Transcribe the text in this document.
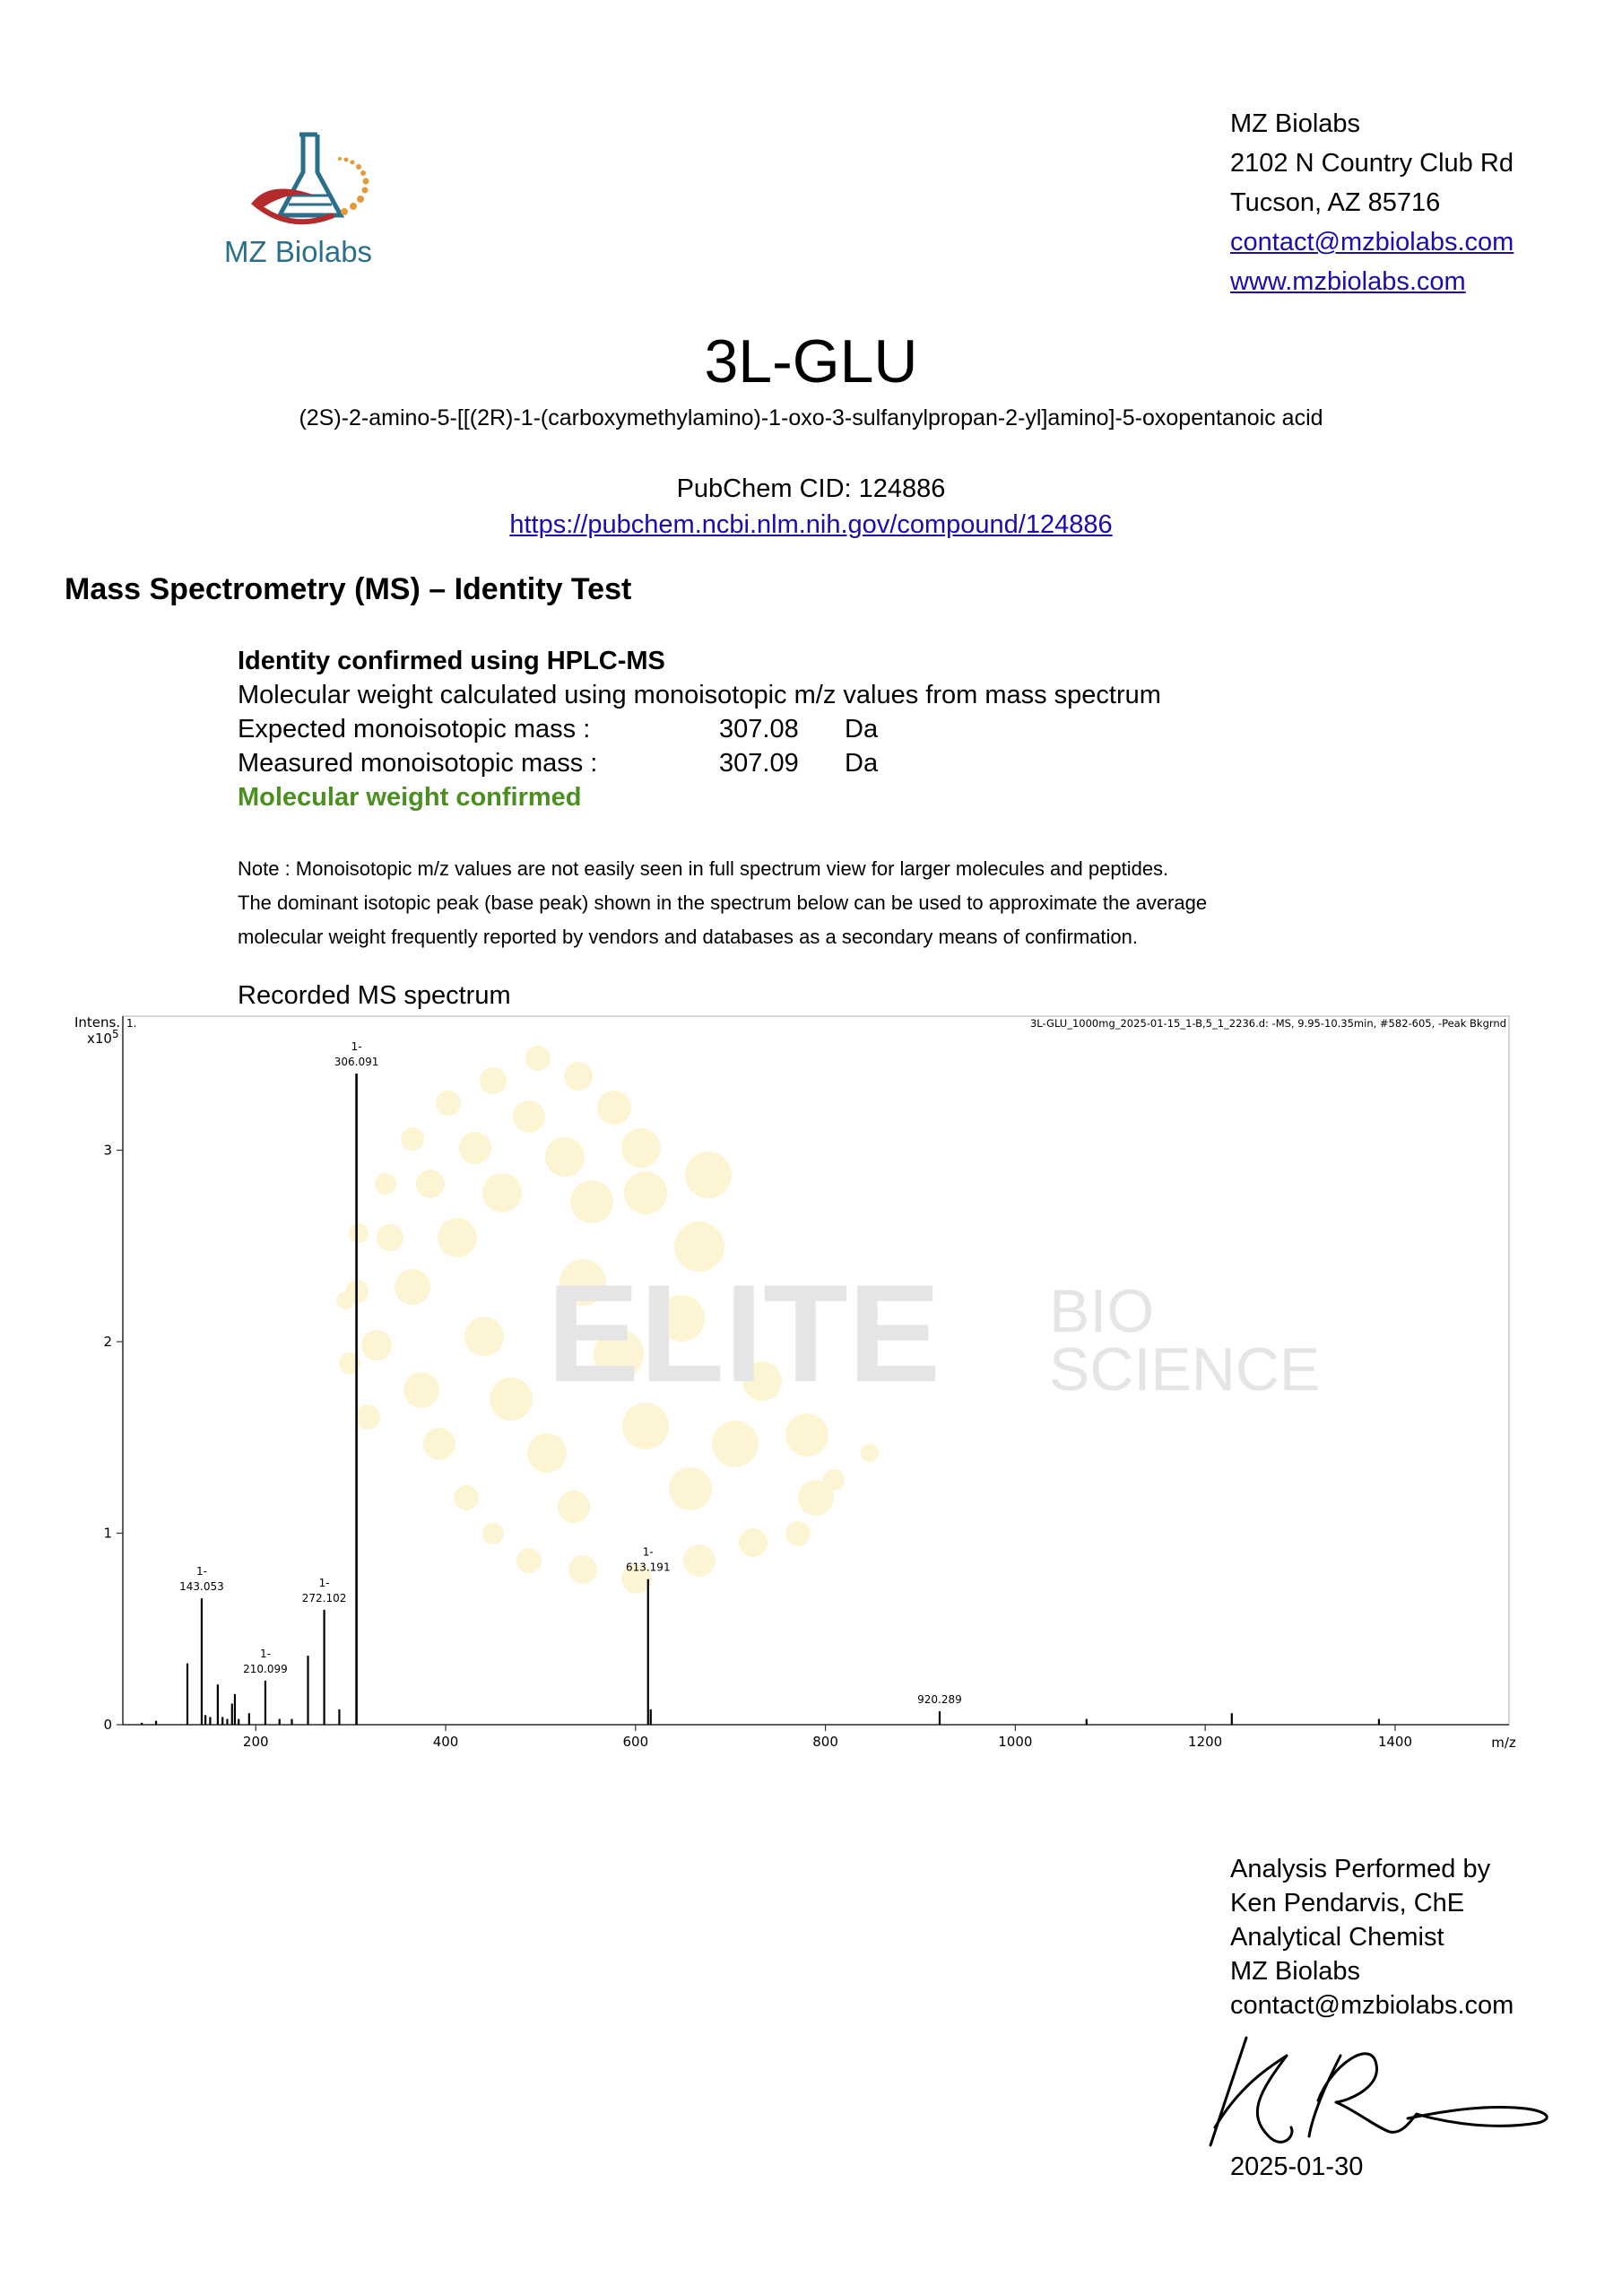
MZ Biolabs
MZ Biolabs
2102 N Country Club Rd
Tucson, AZ 85716
contact@mzbiolabs.com
www.mzbiolabs.com
3L-GLU
(2S)-2-amino-5-[[(2R)-1-(carboxymethylamino)-1-oxo-3-sulfanylpropan-2-yl]amino]-5-oxopentanoic acid
PubChem CID: 124886
https://pubchem.ncbi.nlm.nih.gov/compound/124886
Mass Spectrometry (MS) – Identity Test
Identity confirmed using HPLC-MS
Molecular weight calculated using monoisotopic m/z values from mass spectrum
Expected monoisotopic mass :	307.08	Da
Measured monoisotopic mass :	307.09	Da
Molecular weight confirmed
Note : Monoisotopic m/z values are not easily seen in full spectrum view for larger molecules and peptides.
The dominant isotopic peak (base peak) shown in the spectrum below can be used to approximate the average
molecular weight frequently reported by vendors and databases as a secondary means of confirmation.
Recorded MS spectrum
ELITE BIO
SCIENCE
Intens.
$x10^5$
1.	3L-GLU_1000mg_2025-01-15_1-B,5_1_2236.d: -MS, 9.95-10.35min, #582-605, -Peak Bkgrnd
m/z
200	400	600	800	1000	1200	1400
0
1
2
3
1-
143.053
1-
210.099
1-
272.102
1-
306.091
1-
613.191
920.289
Analysis Performed by
Ken Pendarvis, ChE
Analytical Chemist
MZ Biolabs
contact@mzbiolabs.com
2025-01-30
